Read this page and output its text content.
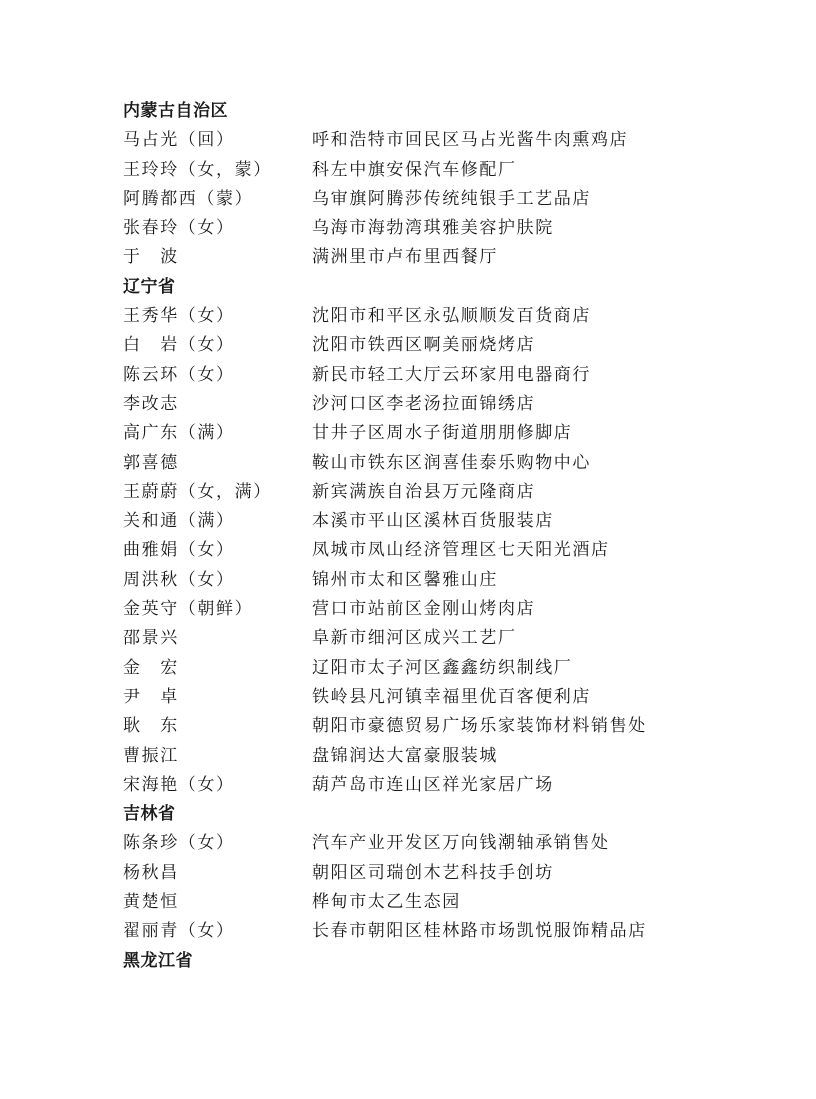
内蒙古自治区
马占光（回）	呼和浩特市回民区马占光酱牛肉熏鸡店
王玲玲（女，蒙）	科左中旗安保汽车修配厂
阿腾都西（蒙）	乌审旗阿腾莎传统纯银手工艺品店
张春玲（女）	乌海市海勃湾琪雅美容护肤院
于　波	满洲里市卢布里西餐厅
辽宁省
王秀华（女）	沈阳市和平区永弘顺顺发百货商店
白　岩（女）	沈阳市铁西区啊美丽烧烤店
陈云环（女）	新民市轻工大厅云环家用电器商行
李改志	沙河口区李老汤拉面锦绣店
高广东（满）	甘井子区周水子街道朋朋修脚店
郭喜德	鞍山市铁东区润喜佳泰乐购物中心
王蔚蔚（女，满）	新宾满族自治县万元隆商店
关和通（满）	本溪市平山区溪林百货服装店
曲雅娟（女）	凤城市凤山经济管理区七天阳光酒店
周洪秋（女）	锦州市太和区馨雅山庄
金英守（朝鲜）	营口市站前区金刚山烤肉店
邵景兴	阜新市细河区成兴工艺厂
金　宏	辽阳市太子河区鑫鑫纺织制线厂
尹　卓	铁岭县凡河镇幸福里优百客便利店
耿　东	朝阳市豪德贸易广场乐家装饰材料销售处
曹振江	盘锦润达大富豪服装城
宋海艳（女）	葫芦岛市连山区祥光家居广场
吉林省
陈条珍（女）	汽车产业开发区万向钱潮轴承销售处
杨秋昌	朝阳区司瑞创木艺科技手创坊
黄楚恒	桦甸市太乙生态园
翟丽青（女）	长春市朝阳区桂林路市场凯悦服饰精品店
黑龙江省
